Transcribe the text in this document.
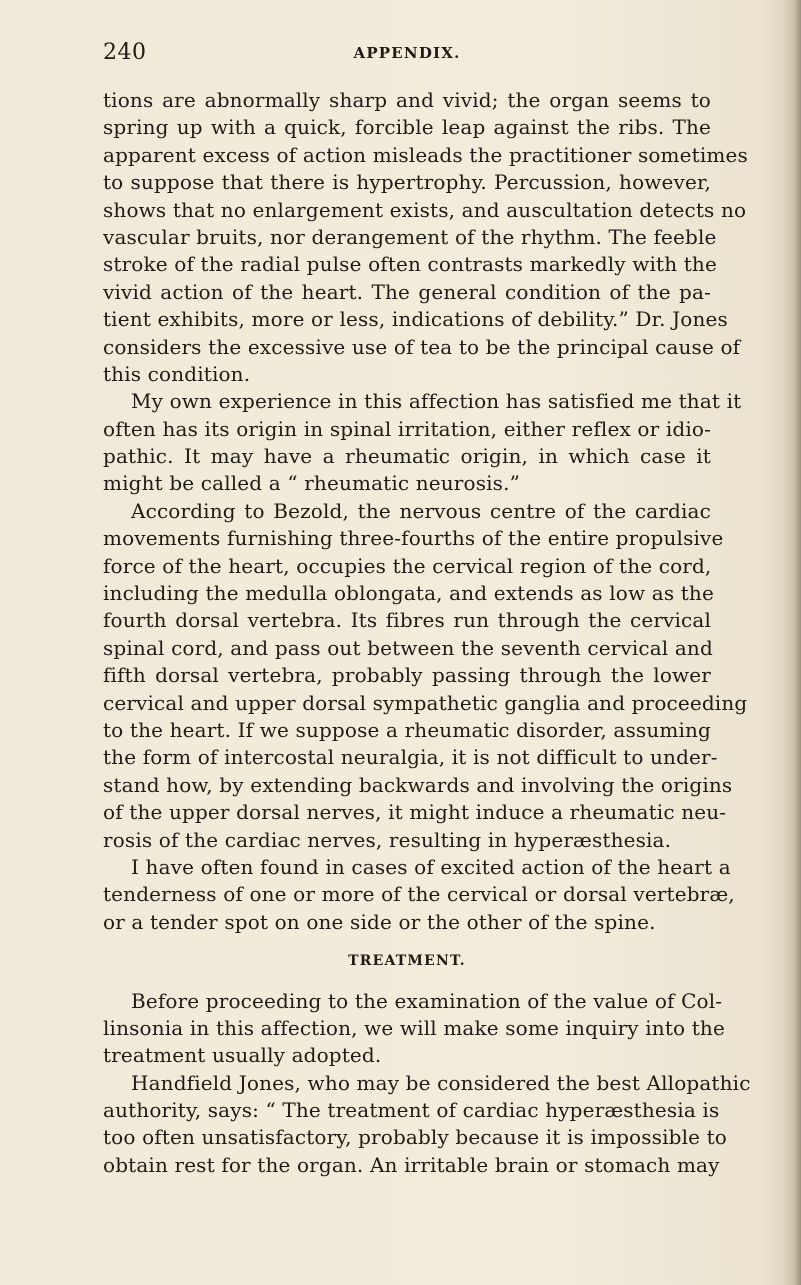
240	APPENDIX.
tions are abnormally sharp and vivid; the organ seems to
spring up with a quick, forcible leap against the ribs. The
apparent excess of action misleads the practitioner sometimes
to suppose that there is hypertrophy. Percussion, however,
shows that no enlargement exists, and auscultation detects no
vascular bruits, nor derangement of the rhythm. The feeble
stroke of the radial pulse often contrasts markedly with the
vivid action of the heart. The general condition of the pa-
tient exhibits, more or less, indications of debility.” Dr. Jones
considers the excessive use of tea to be the principal cause of
this condition.
My own experience in this affection has satisfied me that it
often has its origin in spinal irritation, either reflex or idio-
pathic. It may have a rheumatic origin, in which case it
might be called a “ rheumatic neurosis.”
According to Bezold, the nervous centre of the cardiac
movements furnishing three-fourths of the entire propulsive
force of the heart, occupies the cervical region of the cord,
including the medulla oblongata, and extends as low as the
fourth dorsal vertebra. Its fibres run through the cervical
spinal cord, and pass out between the seventh cervical and
fifth dorsal vertebra, probably passing through the lower
cervical and upper dorsal sympathetic ganglia and proceeding
to the heart. If we suppose a rheumatic disorder, assuming
the form of intercostal neuralgia, it is not difficult to under-
stand how, by extending backwards and involving the origins
of the upper dorsal nerves, it might induce a rheumatic neu-
rosis of the cardiac nerves, resulting in hyperæsthesia.
I have often found in cases of excited action of the heart a
tenderness of one or more of the cervical or dorsal vertebræ,
or a tender spot on one side or the other of the spine.
TREATMENT.
Before proceeding to the examination of the value of Col-
linsonia in this affection, we will make some inquiry into the
treatment usually adopted.
Handfield Jones, who may be considered the best Allopathic
authority, says: “ The treatment of cardiac hyperæsthesia is
too often unsatisfactory, probably because it is impossible to
obtain rest for the organ. An irritable brain or stomach may
